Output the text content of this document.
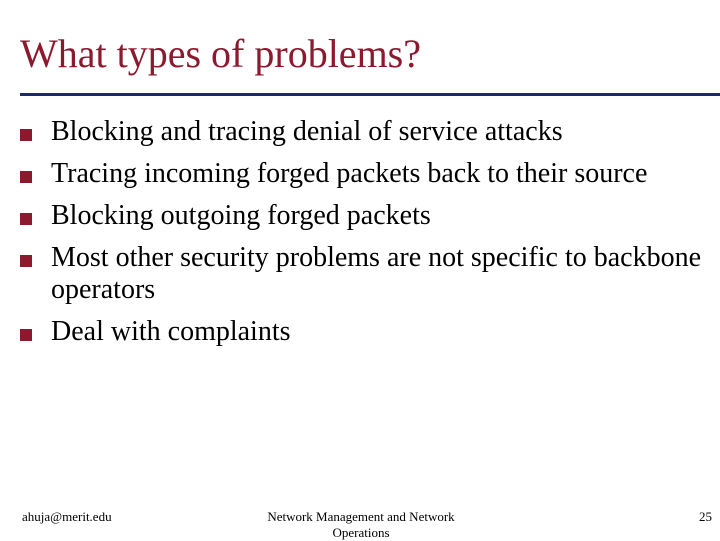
What types of problems?
Blocking and tracing denial of service attacks
Tracing incoming forged packets back to their source
Blocking outgoing forged packets
Most other security problems are not specific to backbone operators
Deal with complaints
ahuja@merit.edu	Network Management and Network Operations
25
